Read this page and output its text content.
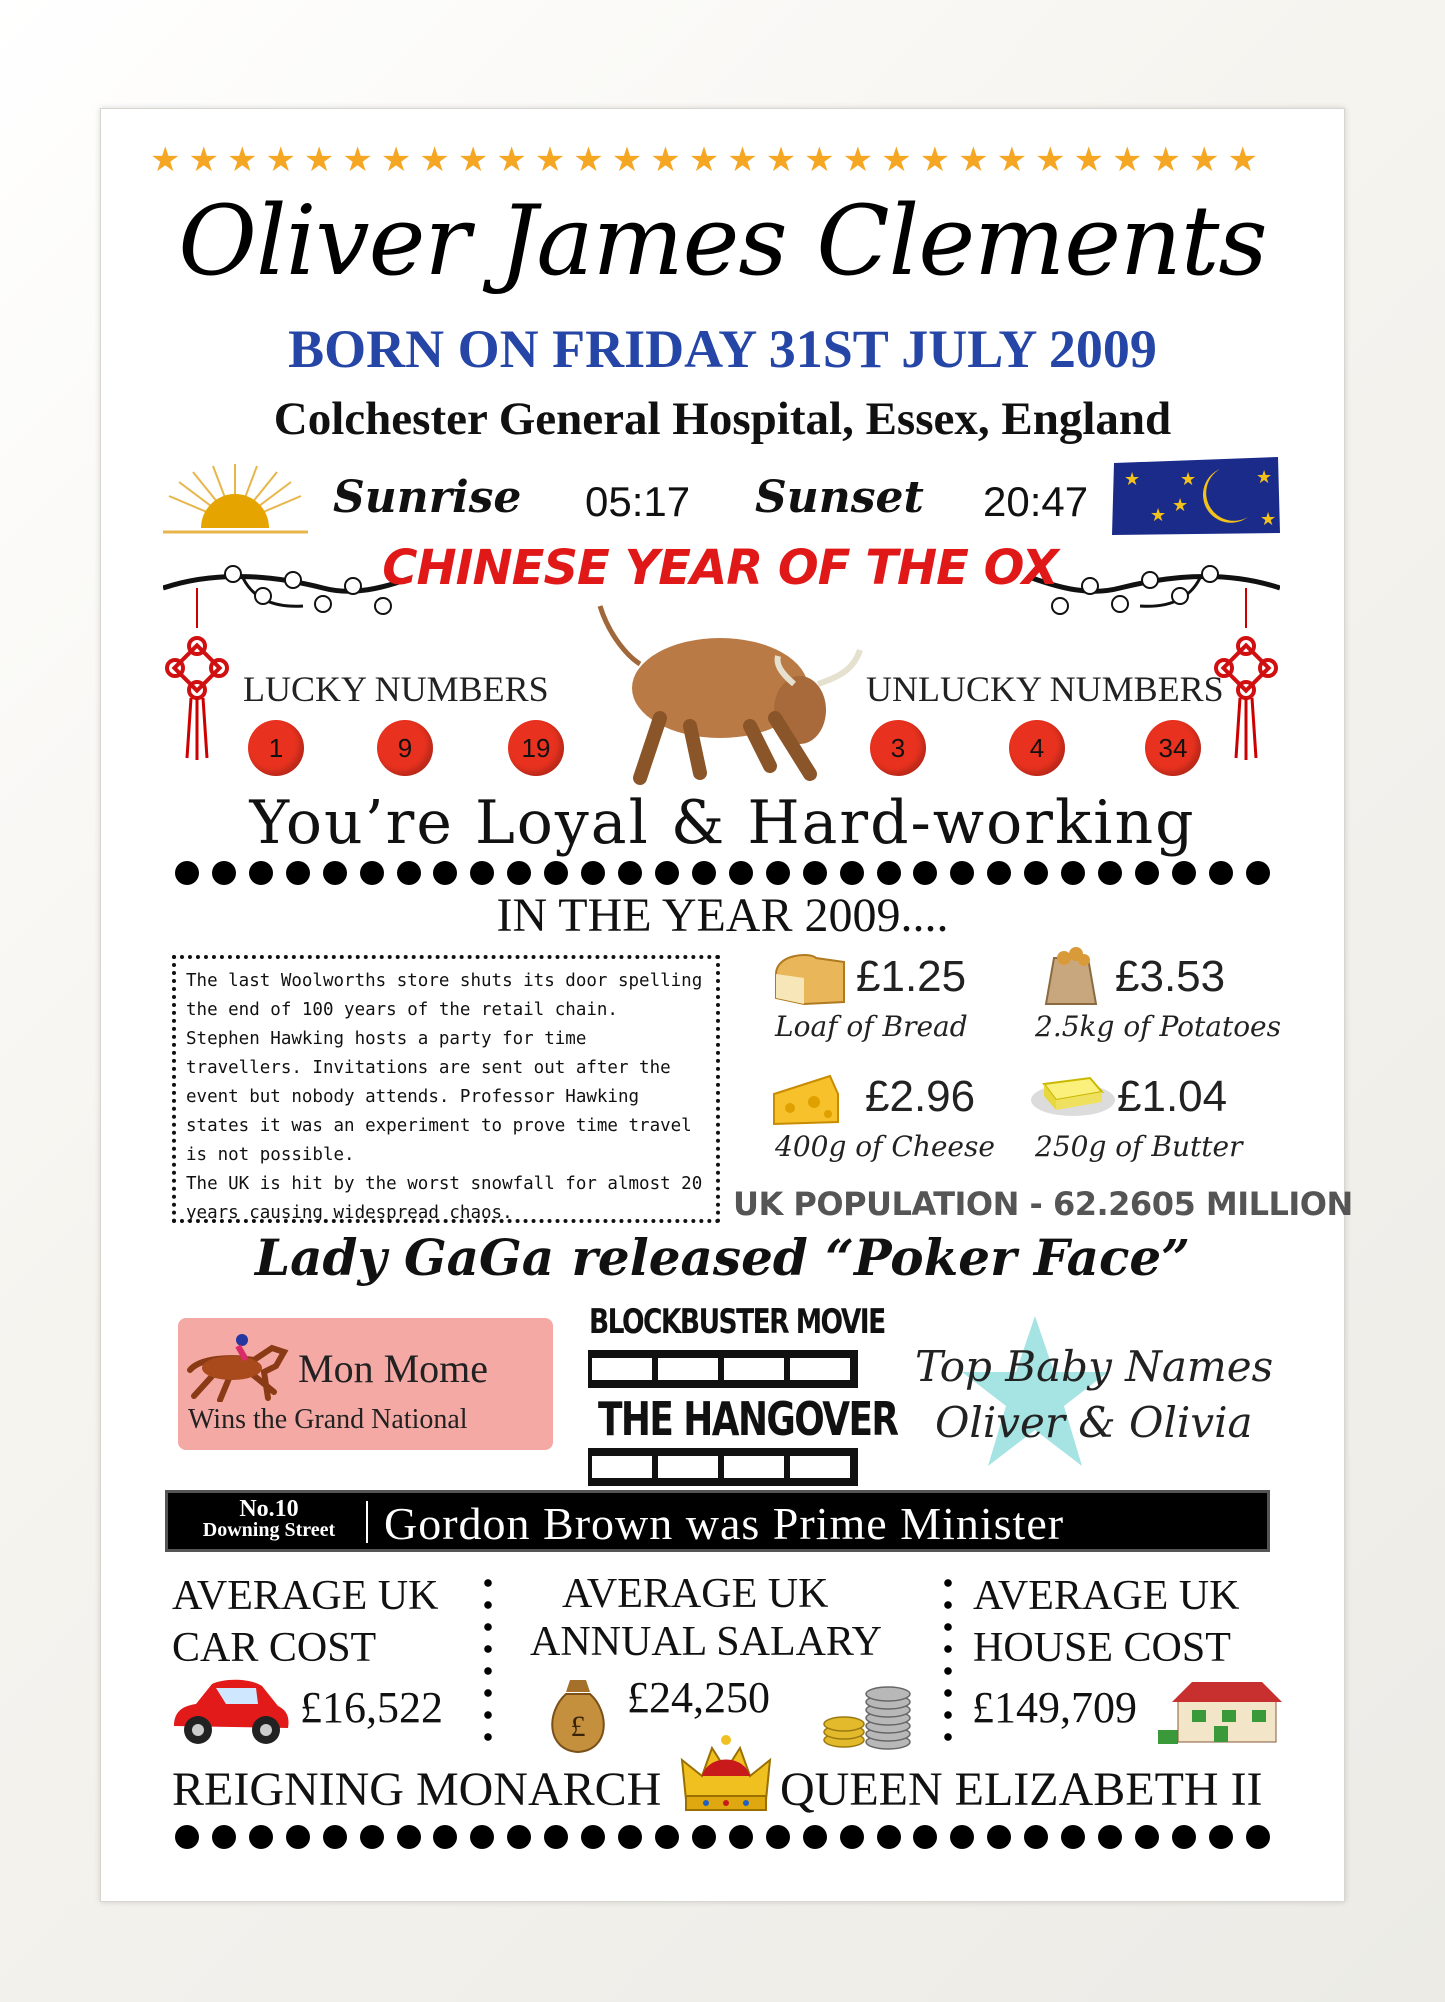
★★★★★★★★★★★★★★★★★★★★★★★★★★★★★
Oliver James Clements
BORN ON FRIDAY 31ST JULY 2009
Colchester General Hospital, Essex, England
Sunrise 05:17 Sunset 20:47 ★
★
★
★
★
★
CHINESE YEAR OF THE OX
LUCKY NUMBERS
1	9	19
UNLUCKY NUMBERS
3	4	34
You’re Loyal & Hard-working
IN THE YEAR 2009....
The last Woolworths store shuts its door spelling the end of 100 years of the retail chain.
Stephen Hawking hosts a party for time travellers. Invitations are sent out after the event but nobody attends. Professor Hawking states it was an experiment to prove time travel is not possible.
The UK is hit by the worst snowfall for almost 20 years causing widespread chaos.
£1.25
Loaf of Bread
£3.53
2.5kg of Potatoes
£2.96
400g of Cheese
£1.04
250g of Butter
UK POPULATION - 62.2605 MILLION
Lady GaGa released “Poker Face”
Mon Mome
Wins the Grand National
BLOCKBUSTER MOVIE
THE HANGOVER
Top Baby Names
Oliver & Olivia
No.10
Downing Street	Gordon Brown was Prime Minister
AVERAGE UK
CAR COST
£16,522
AVERAGE UK
ANNUAL SALARY
£
£24,250
AVERAGE UK
HOUSE COST
£149,709
REIGNING MONARCH QUEEN ELIZABETH II
